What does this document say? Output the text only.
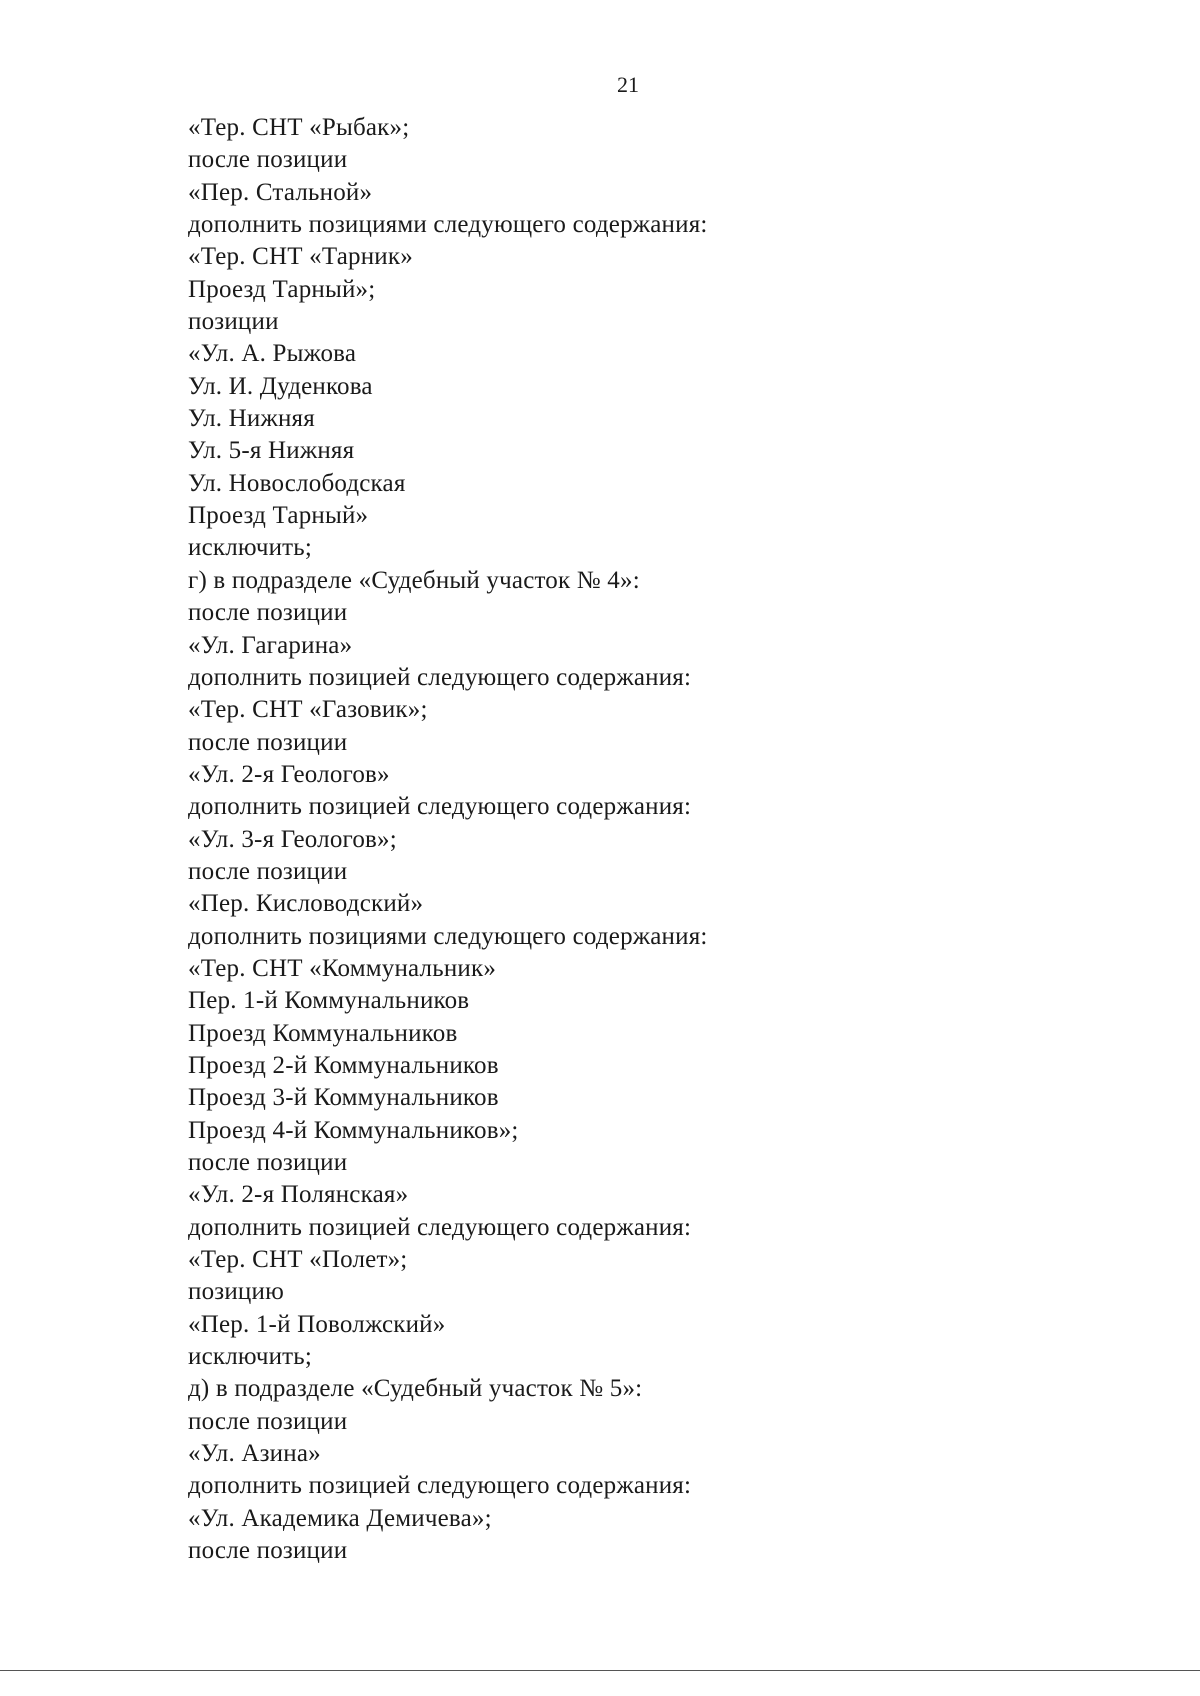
21
«Тер. СНТ «Рыбак»;
после позиции
«Пер. Стальной»
дополнить позициями следующего содержания:
«Тер. СНТ «Тарник»
Проезд Тарный»;
позиции
«Ул. А. Рыжова
Ул. И. Дуденкова
Ул. Нижняя
Ул. 5-я Нижняя
Ул. Новослободская
Проезд Тарный»
исключить;
г) в подразделе «Судебный участок № 4»:
после позиции
«Ул. Гагарина»
дополнить позицией следующего содержания:
«Тер. СНТ «Газовик»;
после позиции
«Ул. 2-я Геологов»
дополнить позицией следующего содержания:
«Ул. 3-я Геологов»;
после позиции
«Пер. Кисловодский»
дополнить позициями следующего содержания:
«Тер. СНТ «Коммунальник»
Пер. 1-й Коммунальников
Проезд Коммунальников
Проезд 2-й Коммунальников
Проезд 3-й Коммунальников
Проезд 4-й Коммунальников»;
после позиции
«Ул. 2-я Полянская»
дополнить позицией следующего содержания:
«Тер. СНТ «Полет»;
позицию
«Пер. 1-й Поволжский»
исключить;
д) в подразделе «Судебный участок № 5»:
после позиции
«Ул. Азина»
дополнить позицией следующего содержания:
«Ул. Академика Демичева»;
после позиции
